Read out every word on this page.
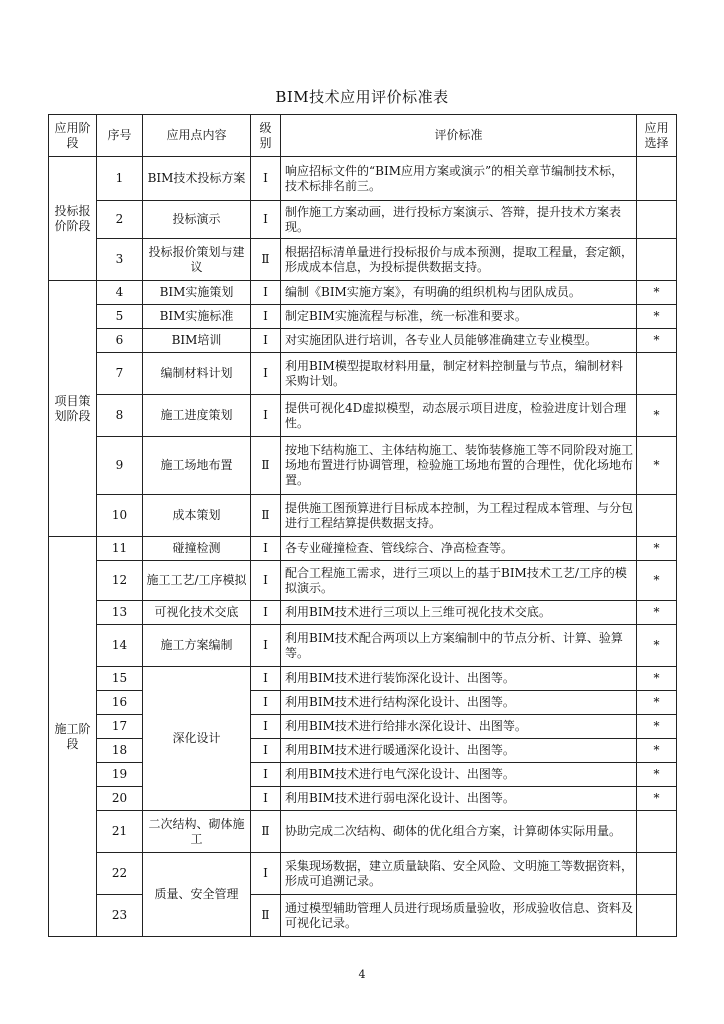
BIM技术应用评价标准表
应用阶段	序号	应用点内容	级别	评价标准	应用选择
投标报价阶段	1	BIM技术投标方案	Ⅰ	响应招标文件的“BIM应用方案或演示”的相关章节编制技术标，技术标排名前三。	
	2	投标演示	Ⅰ	制作施工方案动画，进行投标方案演示、答辩，提升技术方案表现。	
	3	投标报价策划与建议	Ⅱ	根据招标清单量进行投标报价与成本预测，提取工程量，套定额，形成成本信息，为投标提供数据支持。	
项目策划阶段	4	BIM实施策划	Ⅰ	编制《BIM实施方案》，有明确的组织机构与团队成员。	*
	5	BIM实施标准	Ⅰ	制定BIM实施流程与标准，统一标准和要求。	*
	6	BIM培训	Ⅰ	对实施团队进行培训，各专业人员能够准确建立专业模型。	*
	7	编制材料计划	Ⅰ	利用BIM模型提取材料用量，制定材料控制量与节点，编制材料采购计划。	
	8	施工进度策划	Ⅰ	提供可视化4D虚拟模型，动态展示项目进度，检验进度计划合理性。	*
	9	施工场地布置	Ⅱ	按地下结构施工、主体结构施工、装饰装修施工等不同阶段对施工场地布置进行协调管理，检验施工场地布置的合理性，优化场地布置。	*
	10	成本策划	Ⅱ	提供施工图预算进行目标成本控制，为工程过程成本管理、与分包进行工程结算提供数据支持。	
施工阶段	11	碰撞检测	Ⅰ	各专业碰撞检查、管线综合、净高检查等。	*
	12	施工工艺/工序模拟	Ⅰ	配合工程施工需求，进行三项以上的基于BIM技术工艺/工序的模拟演示。	*
	13	可视化技术交底	Ⅰ	利用BIM技术进行三项以上三维可视化技术交底。	*
	14	施工方案编制	Ⅰ	利用BIM技术配合两项以上方案编制中的节点分析、计算、验算等。	*
	15	深化设计	Ⅰ	利用BIM技术进行装饰深化设计、出图等。	*
	16		Ⅰ	利用BIM技术进行结构深化设计、出图等。	*
	17		Ⅰ	利用BIM技术进行给排水深化设计、出图等。	*
	18		Ⅰ	利用BIM技术进行暖通深化设计、出图等。	*
	19		Ⅰ	利用BIM技术进行电气深化设计、出图等。	*
	20		Ⅰ	利用BIM技术进行弱电深化设计、出图等。	*
	21	二次结构、砌体施工	Ⅱ	协助完成二次结构、砌体的优化组合方案，计算砌体实际用量。	
	22	质量、安全管理	Ⅰ	采集现场数据，建立质量缺陷、安全风险、文明施工等数据资料，形成可追溯记录。	
	23		Ⅱ	通过模型辅助管理人员进行现场质量验收，形成验收信息、资料及可视化记录。	
4
